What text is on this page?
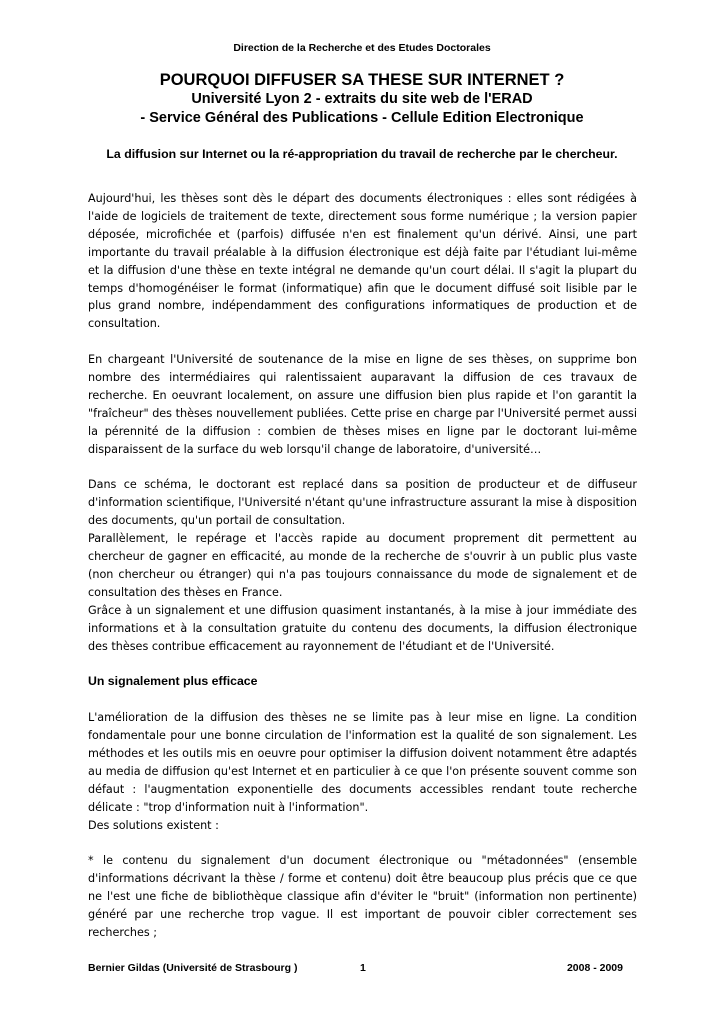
Direction de la Recherche et des Etudes Doctorales
POURQUOI DIFFUSER SA THESE SUR INTERNET ?
Université Lyon 2 - extraits du site web de l'ERAD
- Service Général des Publications - Cellule Edition Electronique
La diffusion sur Internet ou la ré-appropriation du travail de recherche par le chercheur.

Aujourd'hui, les thèses sont dès le départ des documents électroniques : elles sont rédigées à l'aide de logiciels de traitement de texte, directement sous forme numérique ; la version papier déposée, microfichée et (parfois) diffusée n'en est finalement qu'un dérivé. Ainsi, une part importante du travail préalable à la diffusion électronique est déjà faite par l'étudiant lui-même et la diffusion d'une thèse en texte intégral ne demande qu'un court délai. Il s'agit la plupart du temps d'homogénéiser le format (informatique) afin que le document diffusé soit lisible par le plus grand nombre, indépendamment des configurations informatiques de production et de consultation.

En chargeant l'Université de soutenance de la mise en ligne de ses thèses, on supprime bon nombre des intermédiaires qui ralentissaient auparavant la diffusion de ces travaux de recherche. En oeuvrant localement, on assure une diffusion bien plus rapide et l'on garantit la "fraîcheur" des thèses nouvellement publiées. Cette prise en charge par l'Université permet aussi la pérennité de la diffusion : combien de thèses mises en ligne par le doctorant lui-même disparaissent de la surface du web lorsqu'il change de laboratoire, d'université…

Dans ce schéma, le doctorant est replacé dans sa position de producteur et de diffuseur d'information scientifique, l'Université n'étant qu'une infrastructure assurant la mise à disposition des documents, qu'un portail de consultation.

Parallèlement, le repérage et l'accès rapide au document proprement dit permettent au chercheur de gagner en efficacité, au monde de la recherche de s'ouvrir à un public plus vaste (non chercheur ou étranger) qui n'a pas toujours connaissance du mode de signalement et de consultation des thèses en France.

Grâce à un signalement et une diffusion quasiment instantanés, à la mise à jour immédiate des informations et à la consultation gratuite du contenu des documents, la diffusion électronique des thèses contribue efficacement au rayonnement de l'étudiant et de l'Université.

Un signalement plus efficace

L'amélioration de la diffusion des thèses ne se limite pas à leur mise en ligne. La condition fondamentale pour une bonne circulation de l'information est la qualité de son signalement. Les méthodes et les outils mis en oeuvre pour optimiser la diffusion doivent notamment être adaptés au media de diffusion qu'est Internet et en particulier à ce que l'on présente souvent comme son défaut : l'augmentation exponentielle des documents accessibles rendant toute recherche délicate : "trop d'information nuit à l'information".

Des solutions existent :

* le contenu du signalement d'un document électronique ou "métadonnées" (ensemble d'informations décrivant la thèse / forme et contenu) doit être beaucoup plus précis que ce que ne l'est une fiche de bibliothèque classique afin d'éviter le "bruit" (information non pertinente) généré par une recherche trop vague. Il est important de pouvoir cibler correctement ses recherches ;

Bernier Gildas (Université de Strasbourg )	1	2008 - 2009
